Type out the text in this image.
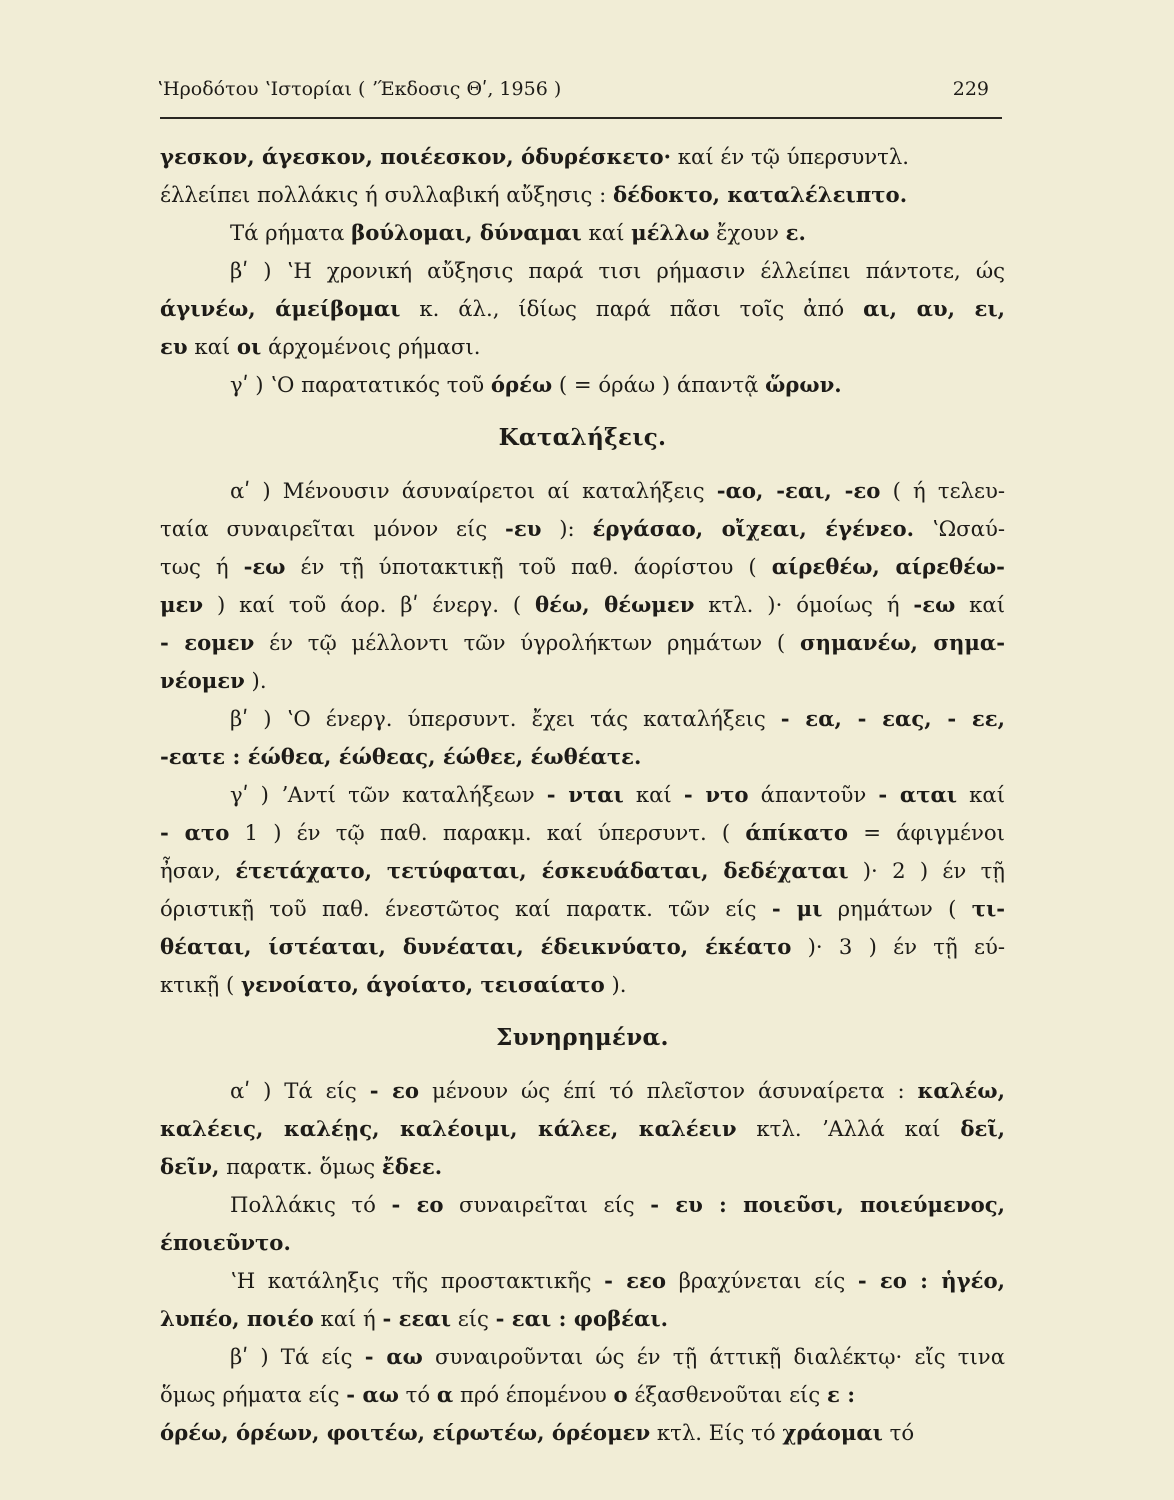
ʽΗροδότου ʽΙστορίαι ( ʼΈκδοσις Θʹ, 1956 )	229
γεσκον, άγεσκον, ποιέεσκον, όδυρέσκετο· καί έν τῷ ύπερσυντλ.
έλλείπει πολλάκις ή συλλαβική αὔξησις : δέδοκτο, καταλέλειπτο.
Τά ρήματα βούλομαι, δύναμαι καί μέλλω ἔχουν ε.
βʹ ) ʽΗ χρονική αὔξησις παρά τισι ρήμασιν έλλείπει πάντοτε, ώς
άγινέω, άμείβομαι κ. άλ., ίδίως παρά πᾶσι τοῖς ἀπό αι, αυ, ει,
ευ καί οι άρχομένοις ρήμασι.
γʹ ) ʽΟ παρατατικός τοῦ όρέω ( = όράω ) άπαντᾷ ὥρων.
Καταλήξεις.
αʹ ) Μένουσιν άσυναίρετοι αί καταλήξεις -αο, -εαι, -εο ( ή τελευ-
ταία συναιρεῖται μόνον είς -ευ ): έργάσαο, οἴχεαι, έγένεο. ʽΩσαύ-
τως ή -εω έν τῇ ύποτακτικῇ τοῦ παθ. άορίστου ( αίρεθέω, αίρεθέω-
μεν ) καί τοῦ άορ. βʹ ένεργ. ( θέω, θέωμεν κτλ. )· όμοίως ή -εω καί
- εομεν έν τῷ μέλλοντι τῶν ύγρολήκτων ρημάτων ( σημανέω, σημα-
νέομεν ).
βʹ ) ʽΟ ένεργ. ύπερσυντ. ἔχει τάς καταλήξεις - εα, - εας, - εε,
-εατε : έώθεα, έώθεας, έώθεε, έωθέατε.
γʹ ) ʼΑντί τῶν καταλήξεων - νται καί - ντο άπαντοῦν - αται καί
- ατο 1 ) έν τῷ παθ. παρακμ. καί ύπερσυντ. ( άπίκατο = άφιγμένοι
ἦσαν, έτετάχατο, τετύφαται, έσκευάδαται, δεδέχαται )· 2 ) έν τῇ
όριστικῇ τοῦ παθ. ένεστῶτος καί παρατκ. τῶν είς - μι ρημάτων ( τι-
θέαται, ίστέαται, δυνέαται, έδεικνύατο, έκέατο )· 3 ) έν τῇ εύ-
κτικῇ ( γενοίατο, άγοίατο, τεισαίατο ).
Συνηρημένα.
αʹ ) Τά είς - εο μένουν ώς έπί τό πλεῖστον άσυναίρετα : καλέω,
καλέεις, καλέῃς, καλέοιμι, κάλεε, καλέειν κτλ. ʼΑλλά καί δεῖ,
δεῖν, παρατκ. ὅμως ἔδεε.
Πολλάκις τό - εο συναιρεῖται είς - ευ : ποιεῦσι, ποιεύμενος,
έποιεῦντο.
ʽΗ κατάληξις τῆς προστακτικῆς - εεο βραχύνεται είς - εο : ἡγέο,
λυπέο, ποιέο καί ή - εεαι είς - εαι : φοβέαι.
βʹ ) Τά είς - αω συναιροῦνται ώς έν τῇ άττικῇ διαλέκτῳ· εἴς τινα
ὅμως ρήματα είς - αω τό α πρό έπομένου ο έξασθενοῦται είς ε :
όρέω, όρέων, φοιτέω, είρωτέω, όρέομεν κτλ. Είς τό χράομαι τό
